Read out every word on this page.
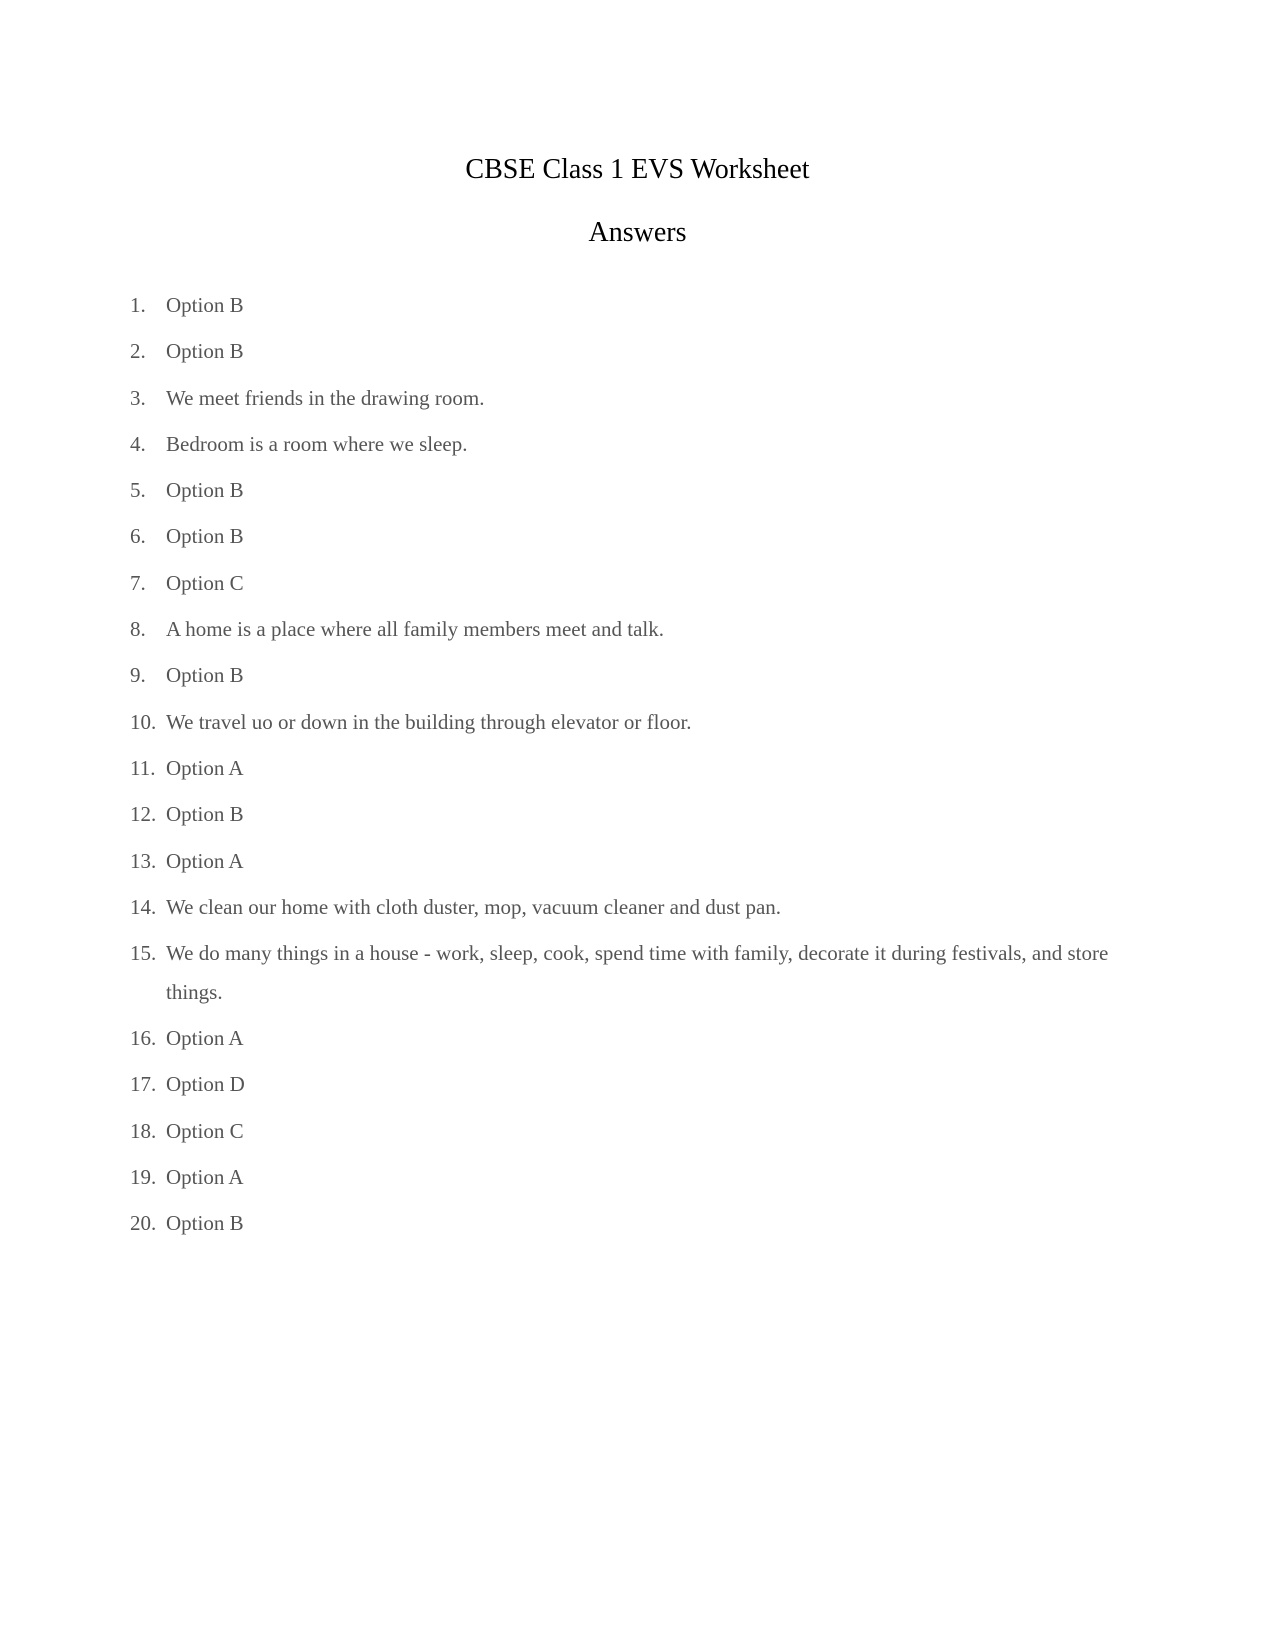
CBSE Class 1 EVS Worksheet
Answers
1. Option B
2. Option B
3. We meet friends in the drawing room.
4. Bedroom is a room where we sleep.
5. Option B
6. Option B
7. Option C
8. A home is a place where all family members meet and talk.
9. Option B
10. We travel uo or down in the building through elevator or floor.
11. Option A
12. Option B
13. Option A
14. We clean our home with cloth duster, mop, vacuum cleaner and dust pan.
15. We do many things in a house - work, sleep, cook, spend time with family, decorate it during festivals, and store things.
16. Option A
17. Option D
18. Option C
19. Option A
20. Option B
